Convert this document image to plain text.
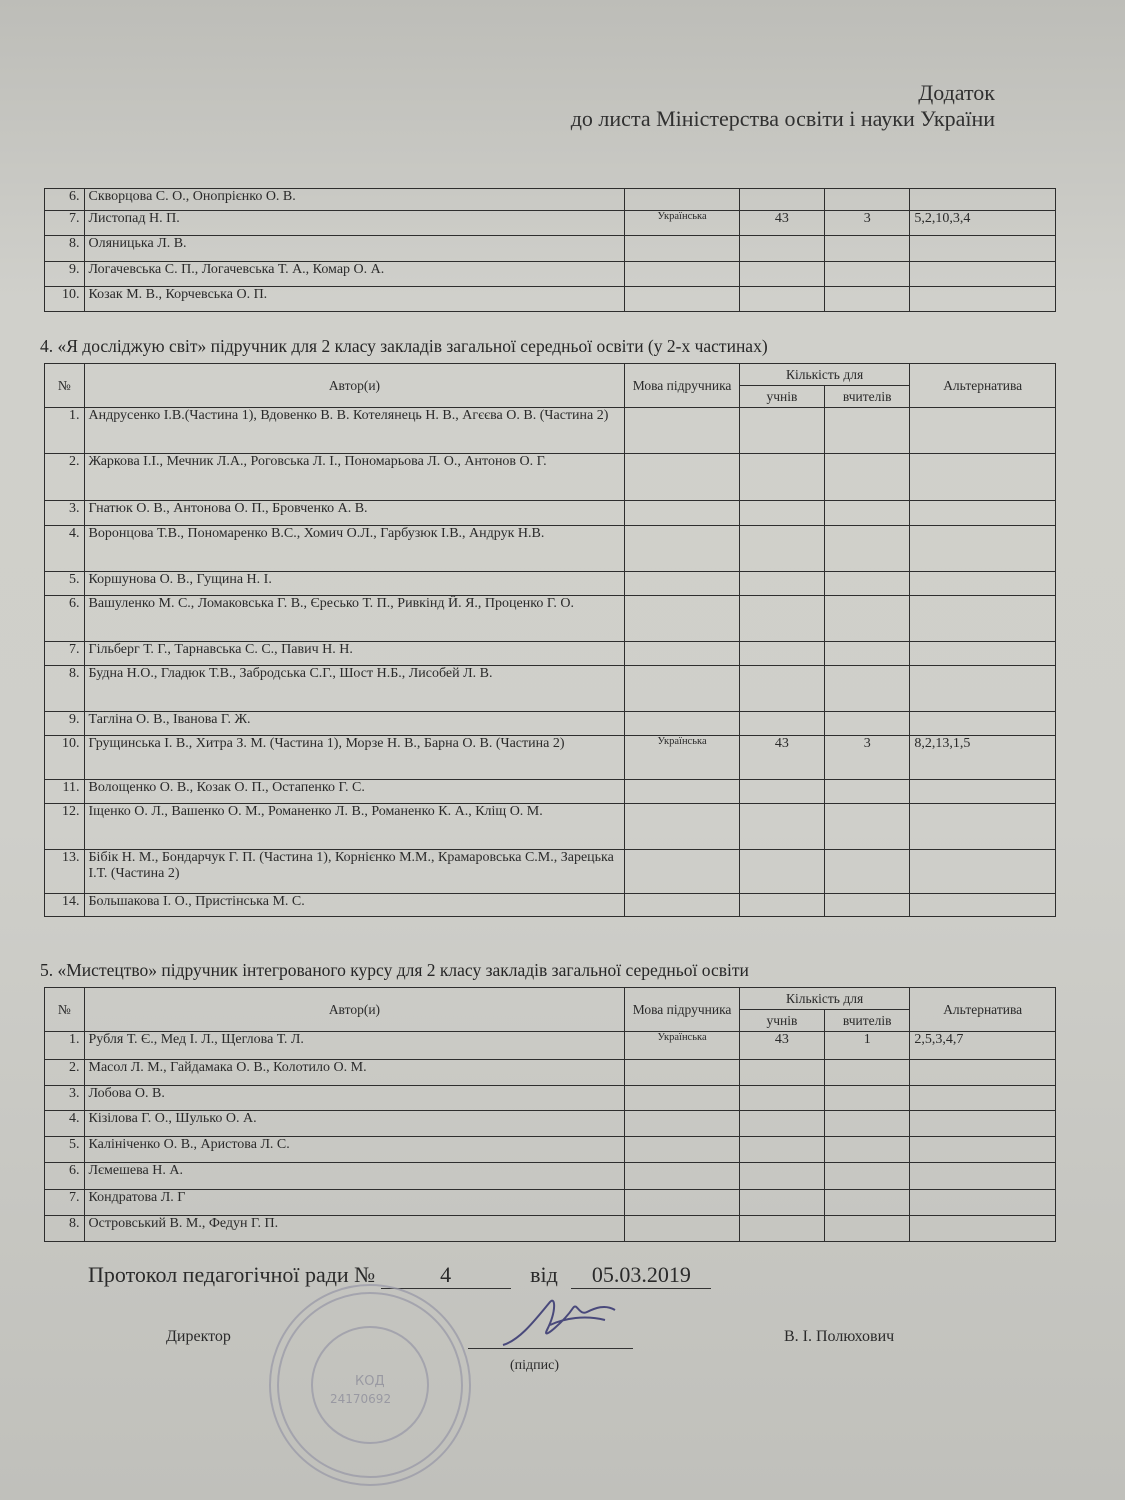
Додаток
до листа Міністерства освіти і науки України
6.	Скворцова С. О., Онопрієнко О. В.				
7.	Листопад Н. П.	Українська	43	3	5,2,10,3,4
8.	Оляницька Л. В.				
9.	Логачевська С. П., Логачевська Т. А., Комар О. А.				
10.	Козак М. В., Корчевська О. П.				
4. «Я досліджую світ» підручник для 2 класу закладів загальної середньої освіти (у 2-х частинах)
№	Автор(и)	Мова підручника	Кількість для		Альтернатива
			учнів	вчителів	
1.	Андрусенко І.В.(Частина 1), Вдовенко В. В. Котелянець Н. В., Агєєва О. В. (Частина 2)				
2.	Жаркова І.І., Мечник Л.А., Роговська Л. І., Пономарьова Л. О., Антонов О. Г.				
3.	Гнатюк О. В., Антонова О. П., Бровченко А. В.				
4.	Воронцова Т.В., Пономаренко В.С., Хомич О.Л., Гарбузюк І.В., Андрук Н.В.				
5.	Коршунова О. В., Гущина Н. І.				
6.	Вашуленко М. С., Ломаковська Г. В., Єресько Т. П., Ривкінд Й. Я., Проценко Г. О.				
7.	Гільберг Т. Г., Тарнавська С. С., Павич Н. Н.				
8.	Будна Н.О., Гладюк Т.В., Забродська С.Г., Шост Н.Б., Лисобей Л. В.				
9.	Тагліна О. В., Іванова Г. Ж.				
10.	Грущинська І. В., Хитра З. М. (Частина 1), Морзе Н. В., Барна О. В. (Частина 2)	Українська	43	3	8,2,13,1,5
11.	Волощенко О. В., Козак О. П., Остапенко Г. С.				
12.	Іщенко О. Л., Вашенко О. М., Романенко Л. В., Романенко К. А., Кліщ О. М.				
13.	Бібік Н. М., Бондарчук Г. П. (Частина 1), Корнієнко М.М., Крамаровська С.М., Зарецька І.Т. (Частина 2)				
14.	Большакова І. О., Пристінська М. С.				
5. «Мистецтво» підручник інтегрованого курсу для 2 класу закладів загальної середньої освіти
№	Автор(и)	Мова підручника	Кількість для		Альтернатива
			учнів	вчителів	
1.	Рубля Т. Є., Мед І. Л., Щеглова Т. Л.	Українська	43	1	2,5,3,4,7
2.	Масол Л. М., Гайдамака О. В., Колотило О. М.				
3.	Лобова О. В.				
4.	Кізілова Г. О., Шулько О. А.				
5.	Калініченко О. В., Аристова Л. С.				
6.	Лємешева Н. А.				
7.	Кондратова Л. Г				
8.	Островський В. М., Федун Г. П.				
Протокол педагогічної ради №	4	від 05.03.2019
КОД
24170692
Директор
(підпис)
В. І. Полюхович
